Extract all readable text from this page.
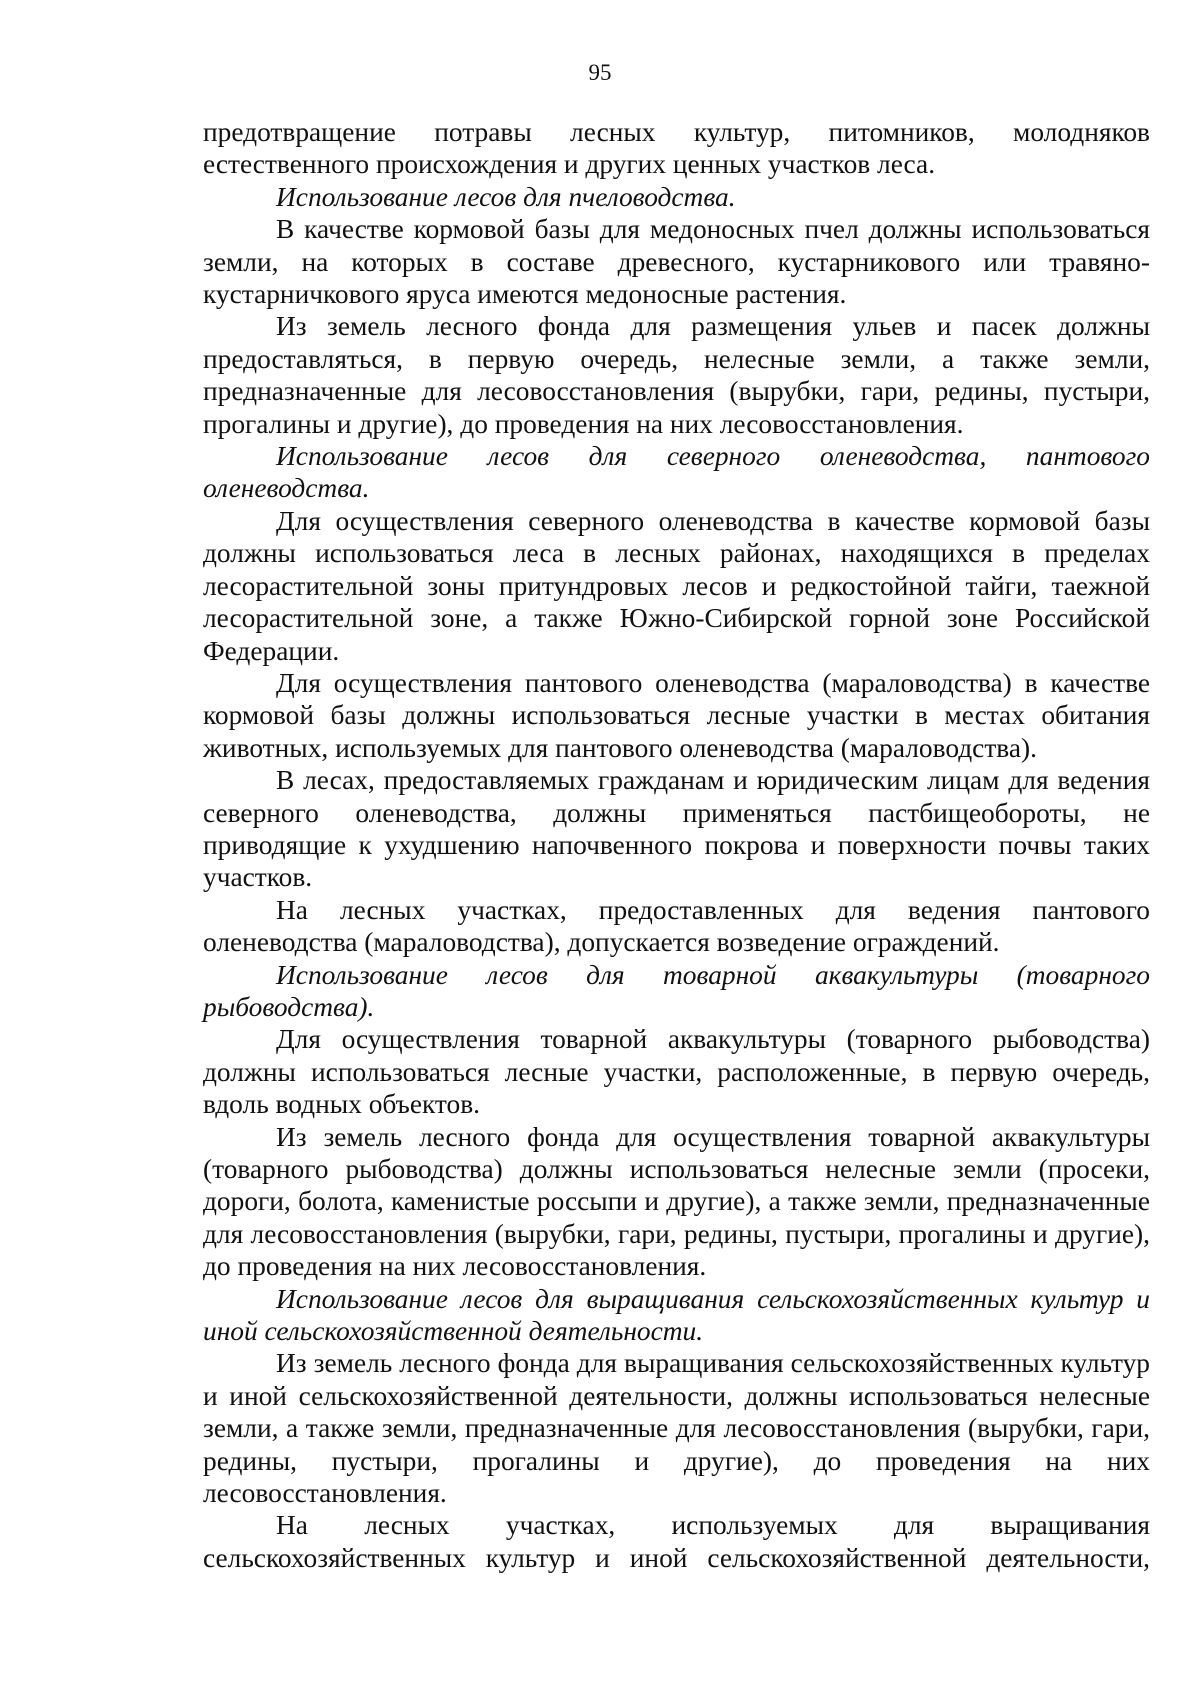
95

предотвращение потравы лесных культур, питомников, молодняков естественного происхождения и других ценных участков леса.

Использование лесов для пчеловодства.

В качестве кормовой базы для медоносных пчел должны использоваться земли, на которых в составе древесного, кустарникового или травяно-кустарничкового яруса имеются медоносные растения.

Из земель лесного фонда для размещения ульев и пасек должны предоставляться, в первую очередь, нелесные земли, а также земли, предназначенные для лесовосстановления (вырубки, гари, редины, пустыри, прогалины и другие), до проведения на них лесовосстановления.

Использование лесов для северного оленеводства, пантового оленеводства.

Для осуществления северного оленеводства в качестве кормовой базы должны использоваться леса в лесных районах, находящихся в пределах лесорастительной зоны притундровых лесов и редкостойной тайги, таежной лесорастительной зоне, а также Южно-Сибирской горной зоне Российской Федерации.

Для осуществления пантового оленеводства (мараловодства) в качестве кормовой базы должны использоваться лесные участки в местах обитания животных, используемых для пантового оленеводства (мараловодства).

В лесах, предоставляемых гражданам и юридическим лицам для ведения северного оленеводства, должны применяться пастбищеобороты, не приводящие к ухудшению напочвенного покрова и поверхности почвы таких участков.

На лесных участках, предоставленных для ведения пантового оленеводства (мараловодства), допускается возведение ограждений.

Использование лесов для товарной аквакультуры (товарного рыбоводства).

Для осуществления товарной аквакультуры (товарного рыбоводства) должны использоваться лесные участки, расположенные, в первую очередь, вдоль водных объектов.

Из земель лесного фонда для осуществления товарной аквакультуры (товарного рыбоводства) должны использоваться нелесные земли (просеки, дороги, болота, каменистые россыпи и другие), а также земли, предназначенные для лесовосстановления (вырубки, гари, редины, пустыри, прогалины и другие), до проведения на них лесовосстановления.

Использование лесов для выращивания сельскохозяйственных культур и иной сельскохозяйственной деятельности.

Из земель лесного фонда для выращивания сельскохозяйственных культур и иной сельскохозяйственной деятельности, должны использоваться нелесные земли, а также земли, предназначенные для лесовосстановления (вырубки, гари, редины, пустыри, прогалины и другие), до проведения на них лесовосстановления.

На лесных участках, используемых для выращивания сельскохозяйственных культур и иной сельскохозяйственной деятельности,
